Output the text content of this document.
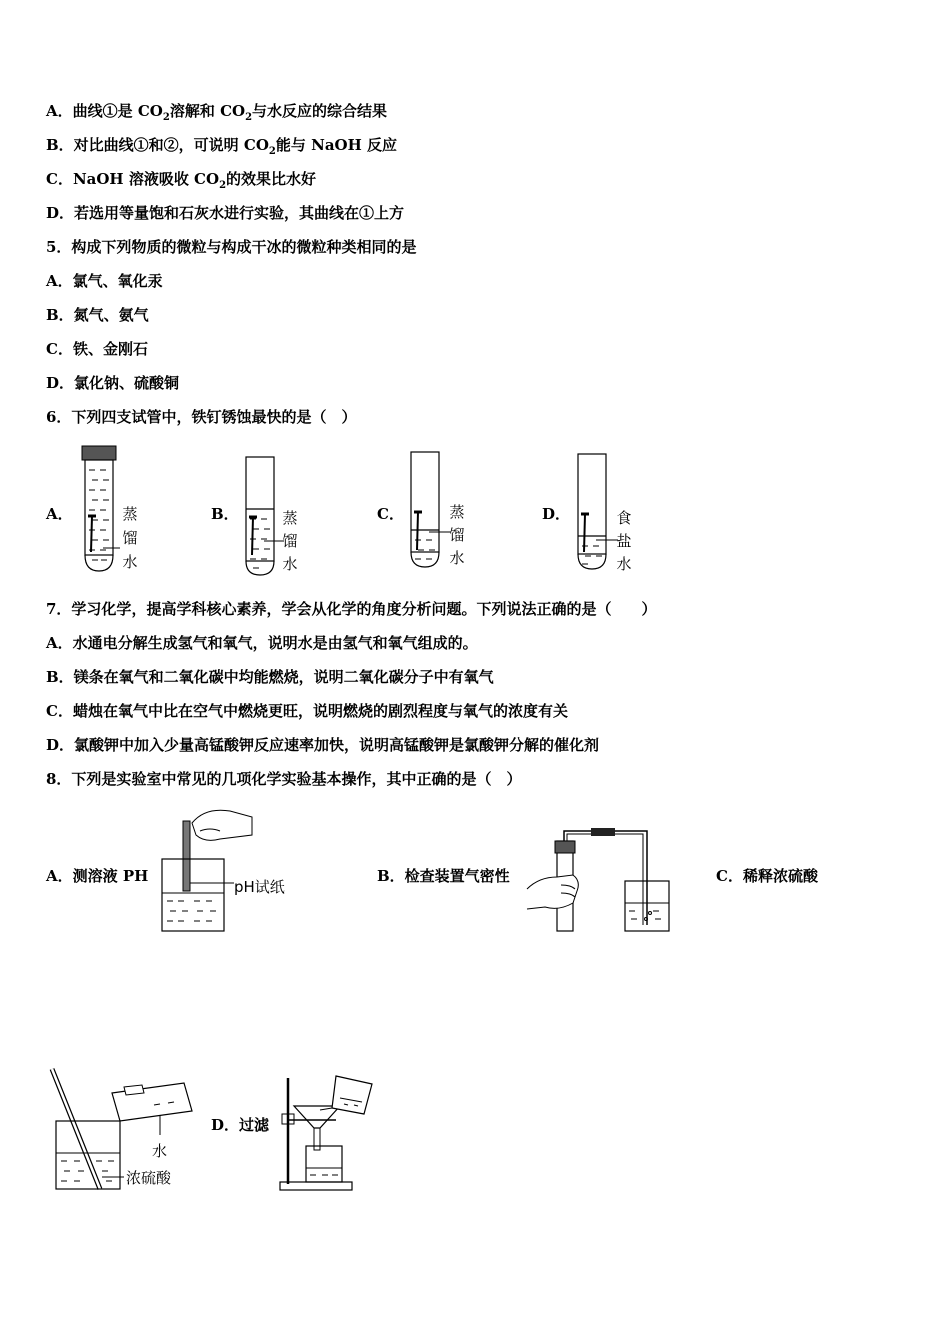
A．曲线①是 $CO_2$溶解和 $CO_2$与水反应的综合结果
B．对比曲线①和②，可说明 $CO_2$能与 NaOH 反应
C．NaOH 溶液吸收 $CO_2$的效果比水好
D．若选用等量饱和石灰水进行实验，其曲线在①上方
5．构成下列物质的微粒与构成干冰的微粒种类相同的是
A．氯气、氧化汞
B．氮气、氨气
C．铁、金刚石
D．氯化钠、硫酸铜
6．下列四支试管中，铁钉锈蚀最快的是（　）
A．	蒸
馏
水
B．	蒸
馏
水
C．	蒸
馏
水
D．	食
盐
水
7．学习化学，提高学科核心素养，学会从化学的角度分析问题。下列说法正确的是（　　）
A．水通电分解生成氢气和氧气，说明水是由氢气和氧气组成的。
B．镁条在氧气和二氧化碳中均能燃烧，说明二氧化碳分子中有氧气
C．蜡烛在氧气中比在空气中燃烧更旺，说明燃烧的剧烈程度与氧气的浓度有关
D．氯酸钾中加入少量高锰酸钾反应速率加快，说明高锰酸钾是氯酸钾分解的催化剂
8．下列是实验室中常见的几项化学实验基本操作，其中正确的是（　）
A．测溶液 PH
pH试纸
B．检查装置气密性	C．稀释浓硫酸
水
浓硫酸
D．过滤
